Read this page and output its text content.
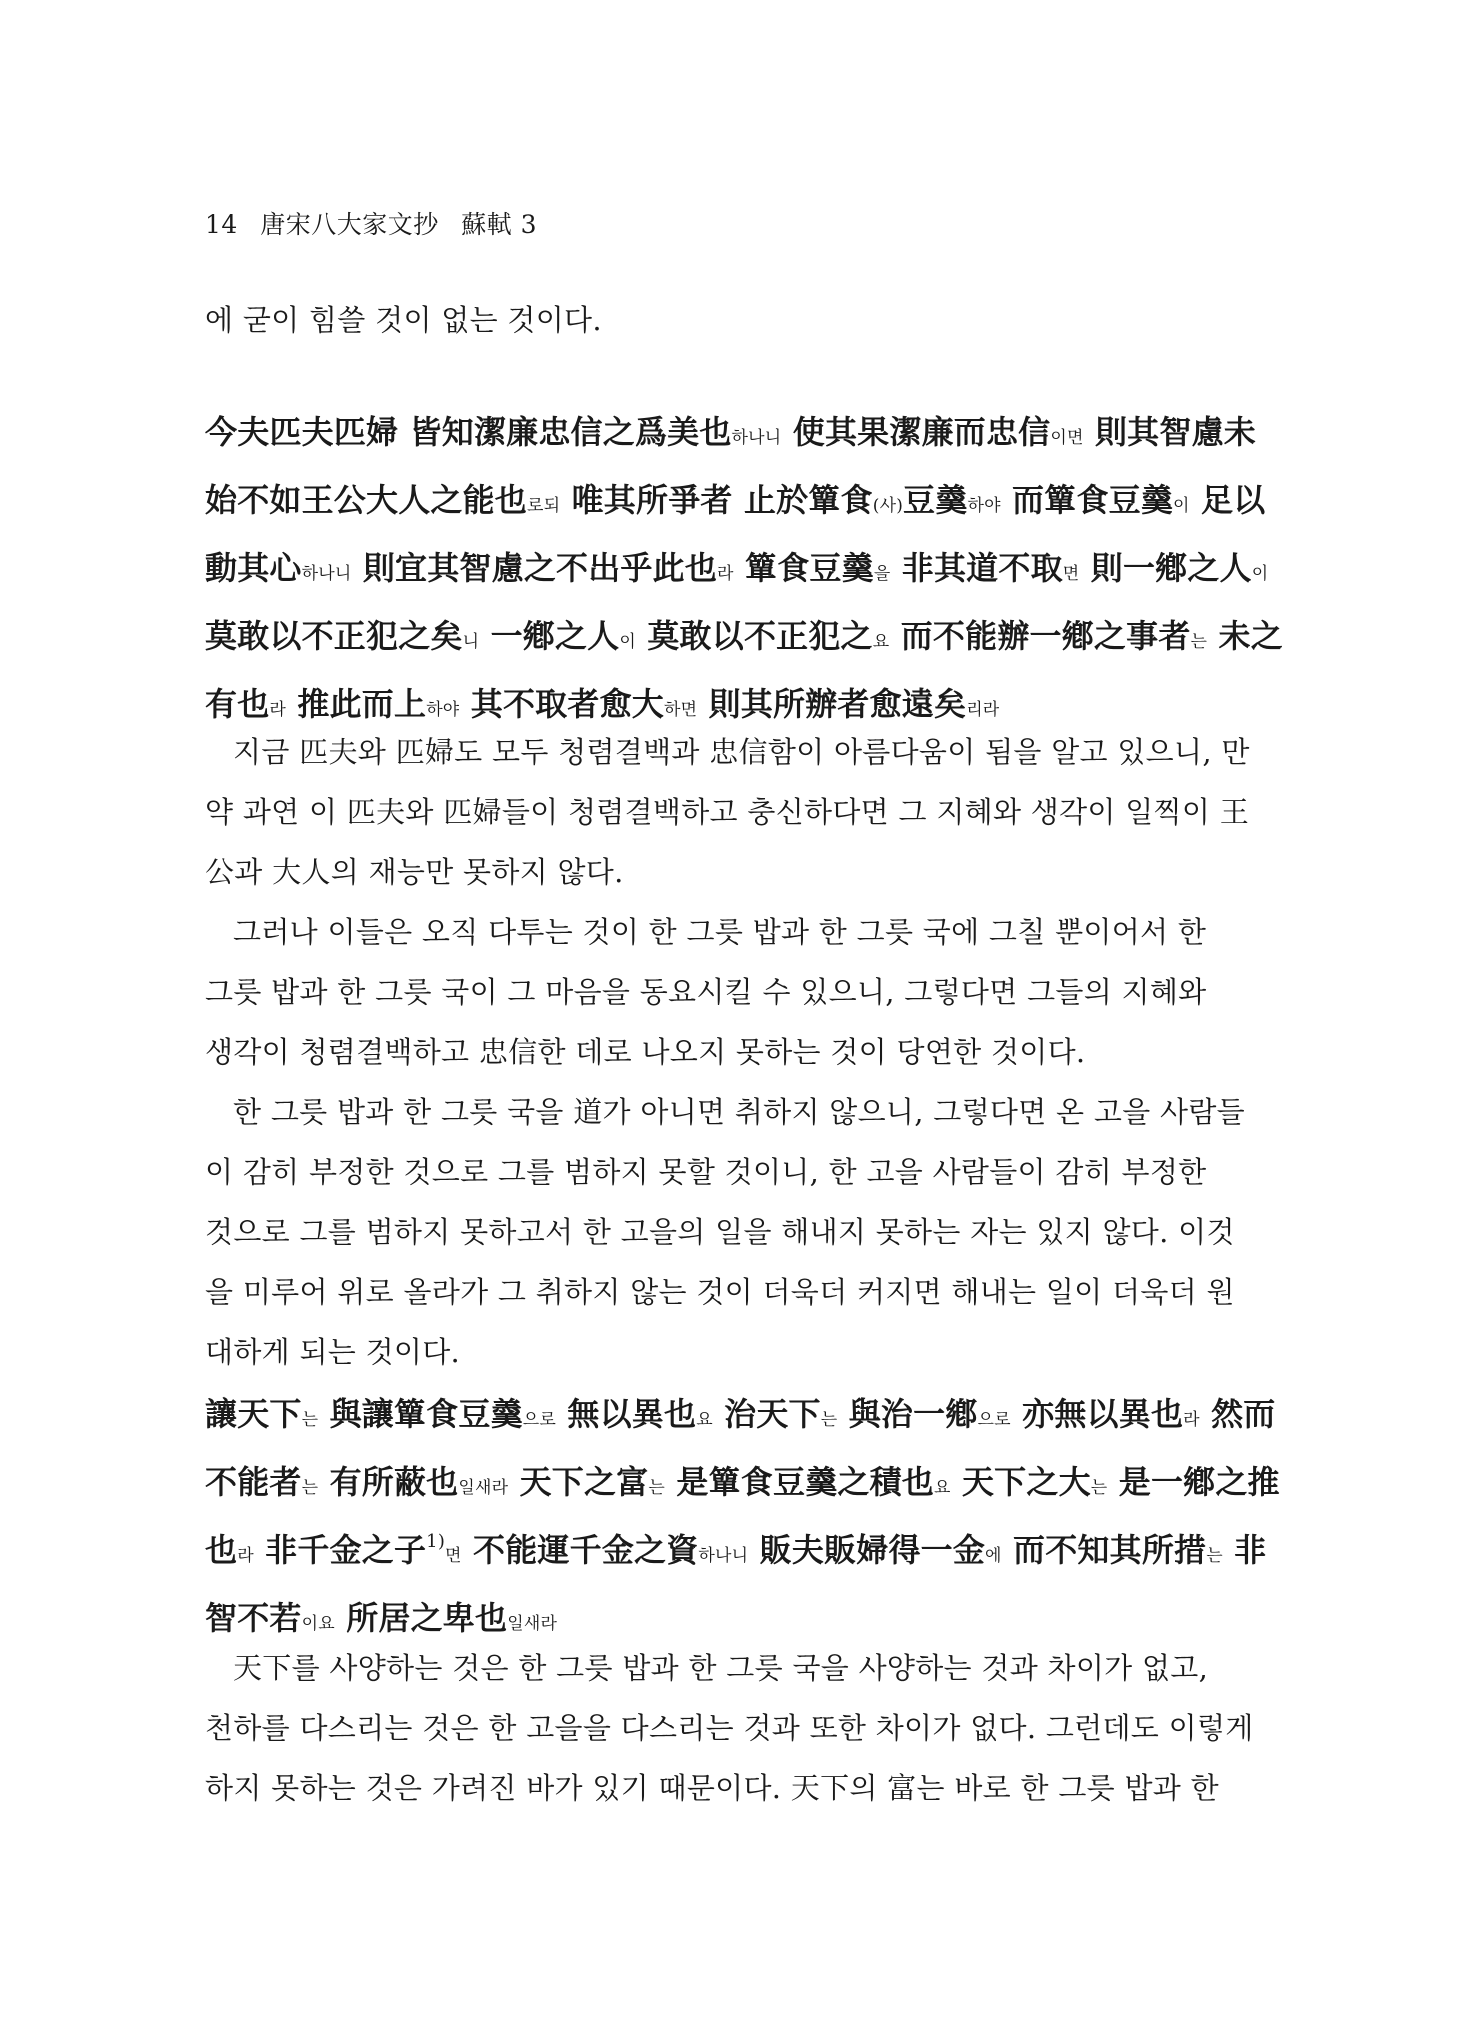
14 唐宋八大家文抄 蘇軾 3
에 굳이 힘쓸 것이 없는 것이다.
今夫匹夫匹婦 皆知潔廉忠信之爲美也하나니 使其果潔廉而忠信이면 則其智慮未
始不如王公大人之能也로되 唯其所爭者 止於簞食(사)豆羹하야 而簞食豆羹이 足以
動其心하나니 則宜其智慮之不出乎此也라 簞食豆羹을 非其道不取면 則一鄕之人이
莫敢以不正犯之矣니 一鄕之人이 莫敢以不正犯之요 而不能辦一鄕之事者는 未之
有也라 推此而上하야 其不取者愈大하면 則其所辦者愈遠矣리라
지금 匹夫와 匹婦도 모두 청렴결백과 忠信함이 아름다움이 됨을 알고 있으니, 만
약 과연 이 匹夫와 匹婦들이 청렴결백하고 충신하다면 그 지혜와 생각이 일찍이 王
公과 大人의 재능만 못하지 않다.
그러나 이들은 오직 다투는 것이 한 그릇 밥과 한 그릇 국에 그칠 뿐이어서 한
그릇 밥과 한 그릇 국이 그 마음을 동요시킬 수 있으니, 그렇다면 그들의 지혜와
생각이 청렴결백하고 忠信한 데로 나오지 못하는 것이 당연한 것이다.
한 그릇 밥과 한 그릇 국을 道가 아니면 취하지 않으니, 그렇다면 온 고을 사람들
이 감히 부정한 것으로 그를 범하지 못할 것이니, 한 고을 사람들이 감히 부정한
것으로 그를 범하지 못하고서 한 고을의 일을 해내지 못하는 자는 있지 않다. 이것
을 미루어 위로 올라가 그 취하지 않는 것이 더욱더 커지면 해내는 일이 더욱더 원
대하게 되는 것이다.
讓天下는 與讓簞食豆羹으로 無以異也요 治天下는 與治一鄕으로 亦無以異也라 然而
不能者는 有所蔽也일새라 天下之富는 是簞食豆羹之積也요 天下之大는 是一鄕之推
也라 非千金之子$^{1)}$면 不能運千金之資하나니 販夫販婦得一金에 而不知其所措는 非
智不若이요 所居之卑也일새라
天下를 사양하는 것은 한 그릇 밥과 한 그릇 국을 사양하는 것과 차이가 없고,
천하를 다스리는 것은 한 고을을 다스리는 것과 또한 차이가 없다. 그런데도 이렇게
하지 못하는 것은 가려진 바가 있기 때문이다. 天下의 富는 바로 한 그릇 밥과 한
